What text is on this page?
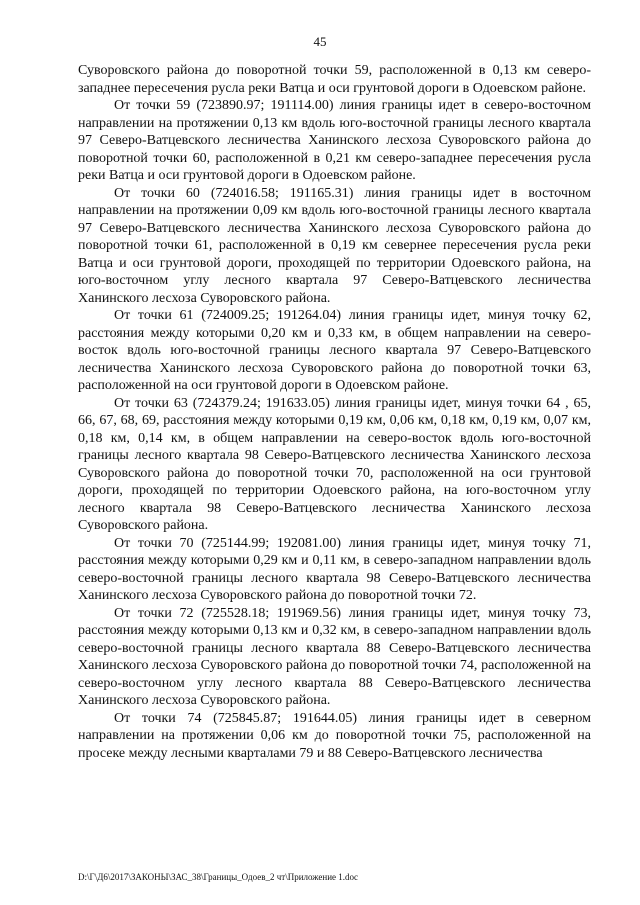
45

Суворовского района до поворотной точки 59, расположенной в 0,13 км северо-западнее пересечения русла реки Ватца и оси грунтовой дороги в Одоевском районе.

От точки 59 (723890.97; 191114.00) линия границы идет в северо-восточном направлении на протяжении 0,13 км вдоль юго-восточной границы лесного квартала 97 Северо-Ватцевского лесничества Ханинского лесхоза Суворовского района до поворотной точки 60, расположенной в 0,21 км северо-западнее пересечения русла реки Ватца и оси грунтовой дороги в Одоевском районе.

От точки 60 (724016.58; 191165.31) линия границы идет в восточном направлении на протяжении 0,09 км вдоль юго-восточной границы лесного квартала 97 Северо-Ватцевского лесничества Ханинского лесхоза Суворовского района до поворотной точки 61, расположенной в 0,19 км севернее пересечения русла реки Ватца и оси грунтовой дороги, проходящей по территории Одоевского района, на юго-восточном углу лесного квартала 97 Северо-Ватцевского лесничества Ханинского лесхоза Суворовского района.

От точки 61 (724009.25; 191264.04) линия границы идет, минуя точку 62, расстояния между которыми 0,20 км и 0,33 км, в общем направлении на северо-восток вдоль юго-восточной границы лесного квартала 97 Северо-Ватцевского лесничества Ханинского лесхоза Суворовского района до поворотной точки 63, расположенной на оси грунтовой дороги в Одоевском районе.

От точки 63 (724379.24; 191633.05) линия границы идет, минуя точки 64 , 65, 66, 67, 68, 69, расстояния между которыми 0,19 км, 0,06 км, 0,18 км, 0,19 км, 0,07 км, 0,18 км, 0,14 км, в общем направлении на северо-восток вдоль юго-восточной границы лесного квартала 98 Северо-Ватцевского лесничества Ханинского лесхоза Суворовского района до поворотной точки 70, расположенной на оси грунтовой дороги, проходящей по территории Одоевского района, на юго-восточном углу лесного квартала 98 Северо-Ватцевского лесничества Ханинского лесхоза Суворовского района.

От точки 70 (725144.99; 192081.00) линия границы идет, минуя точку 71, расстояния между которыми 0,29 км и 0,11 км, в северо-западном направлении вдоль северо-восточной границы лесного квартала 98 Северо-Ватцевского лесничества Ханинского лесхоза Суворовского района до поворотной точки 72.

От точки 72 (725528.18; 191969.56) линия границы идет, минуя точку 73, расстояния между которыми 0,13 км и 0,32 км, в северо-западном направлении вдоль северо-восточной границы лесного квартала 88 Северо-Ватцевского лесничества Ханинского лесхоза Суворовского района до поворотной точки 74, расположенной на северо-восточном углу лесного квартала 88 Северо-Ватцевского лесничества Ханинского лесхоза Суворовского района.

От точки 74 (725845.87; 191644.05) линия границы идет в северном направлении на протяжении 0,06 км до поворотной точки 75, расположенной на просеке между лесными кварталами 79 и 88 Северо-Ватцевского лесничества

D:\Г\Д6\2017\ЗАКОНЫ\ЗАС_38\Границы_Одоев_2 чт\Приложение 1.doc
